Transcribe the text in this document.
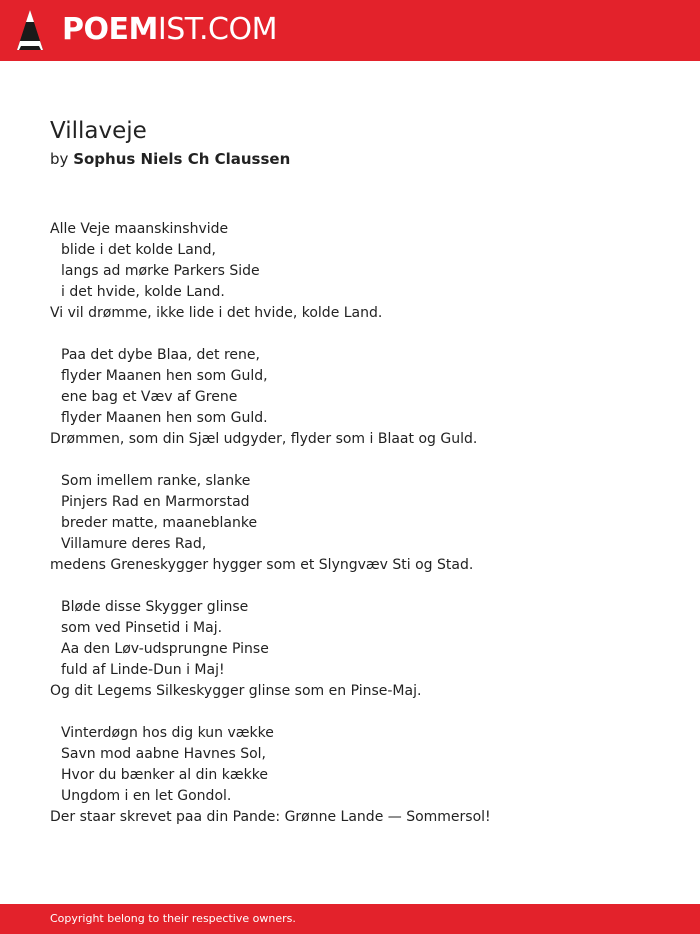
POEMIST.COM
Villaveje
by Sophus Niels Ch Claussen
Alle Veje maanskinshvide
blide i det kolde Land,
langs ad mørke Parkers Side
i det hvide, kolde Land.
Vi vil drømme, ikke lide i det hvide, kolde Land.
Paa det dybe Blaa, det rene,
flyder Maanen hen som Guld,
ene bag et Væv af Grene
flyder Maanen hen som Guld.
Drømmen, som din Sjæl udgyder, flyder som i Blaat og Guld.
Som imellem ranke, slanke
Pinjers Rad en Marmorstad
breder matte, maaneblanke
Villamure deres Rad,
medens Greneskygger hygger som et Slyngvæv Sti og Stad.
Bløde disse Skygger glinse
som ved Pinsetid i Maj.
Aa den Løv-udsprungne Pinse
fuld af Linde-Dun i Maj!
Og dit Legems Silkeskygger glinse som en Pinse-Maj.
Vinterdøgn hos dig kun vække
Savn mod aabne Havnes Sol,
Hvor du bænker al din kække
Ungdom i en let Gondol.
Der staar skrevet paa din Pande: Grønne Lande — Sommersol!
Copyright belong to their respective owners.
